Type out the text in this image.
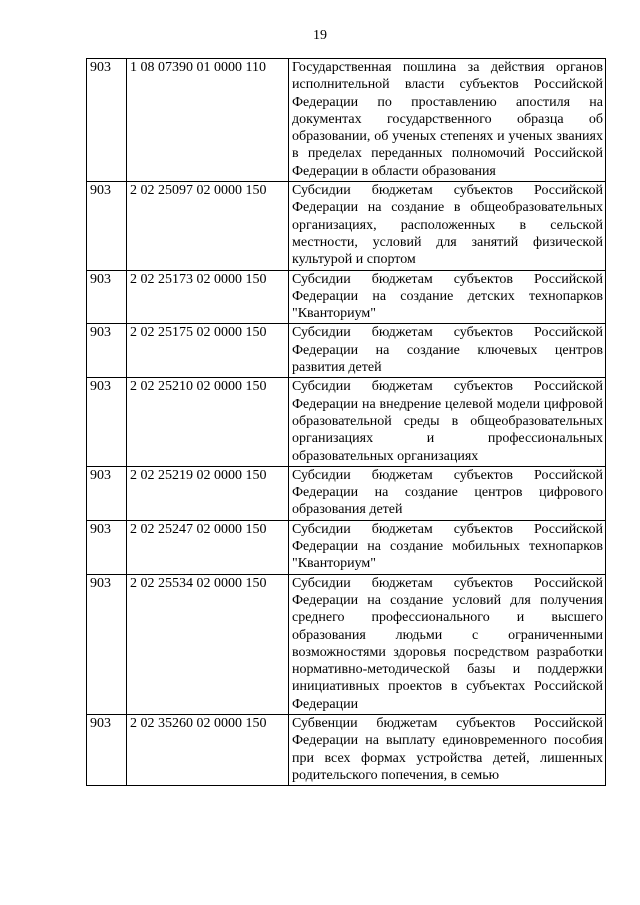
19
903	1 08 07390 01 0000 110	Государственная пошлина за действия органов исполнительной власти субъектов Российской Федерации по проставлению апостиля на документах государственного образца об образовании, об ученых степенях и ученых званиях в пределах переданных полномочий Российской Федерации в области образования
903	2 02 25097 02 0000 150	Субсидии бюджетам субъектов Российской Федерации на создание в общеобразовательных организациях, расположенных в сельской местности, условий для занятий физической культурой и спортом
903	2 02 25173 02 0000 150	Субсидии бюджетам субъектов Российской Федерации на создание детских технопарков "Кванториум"
903	2 02 25175 02 0000 150	Субсидии бюджетам субъектов Российской Федерации на создание ключевых центров развития детей
903	2 02 25210 02 0000 150	Субсидии бюджетам субъектов Российской Федерации на внедрение целевой модели цифровой образовательной среды в общеобразовательных организациях и профессиональных образовательных организациях
903	2 02 25219 02 0000 150	Субсидии бюджетам субъектов Российской Федерации на создание центров цифрового образования детей
903	2 02 25247 02 0000 150	Субсидии бюджетам субъектов Российской Федерации на создание мобильных технопарков "Кванториум"
903	2 02 25534 02 0000 150	Субсидии бюджетам субъектов Российской Федерации на создание условий для получения среднего профессионального и высшего образования людьми с ограниченными возможностями здоровья посредством разработки нормативно-методической базы и поддержки инициативных проектов в субъектах Российской Федерации
903	2 02 35260 02 0000 150	Субвенции бюджетам субъектов Российской Федерации на выплату единовременного пособия при всех формах устройства детей, лишенных родительского попечения, в семью
